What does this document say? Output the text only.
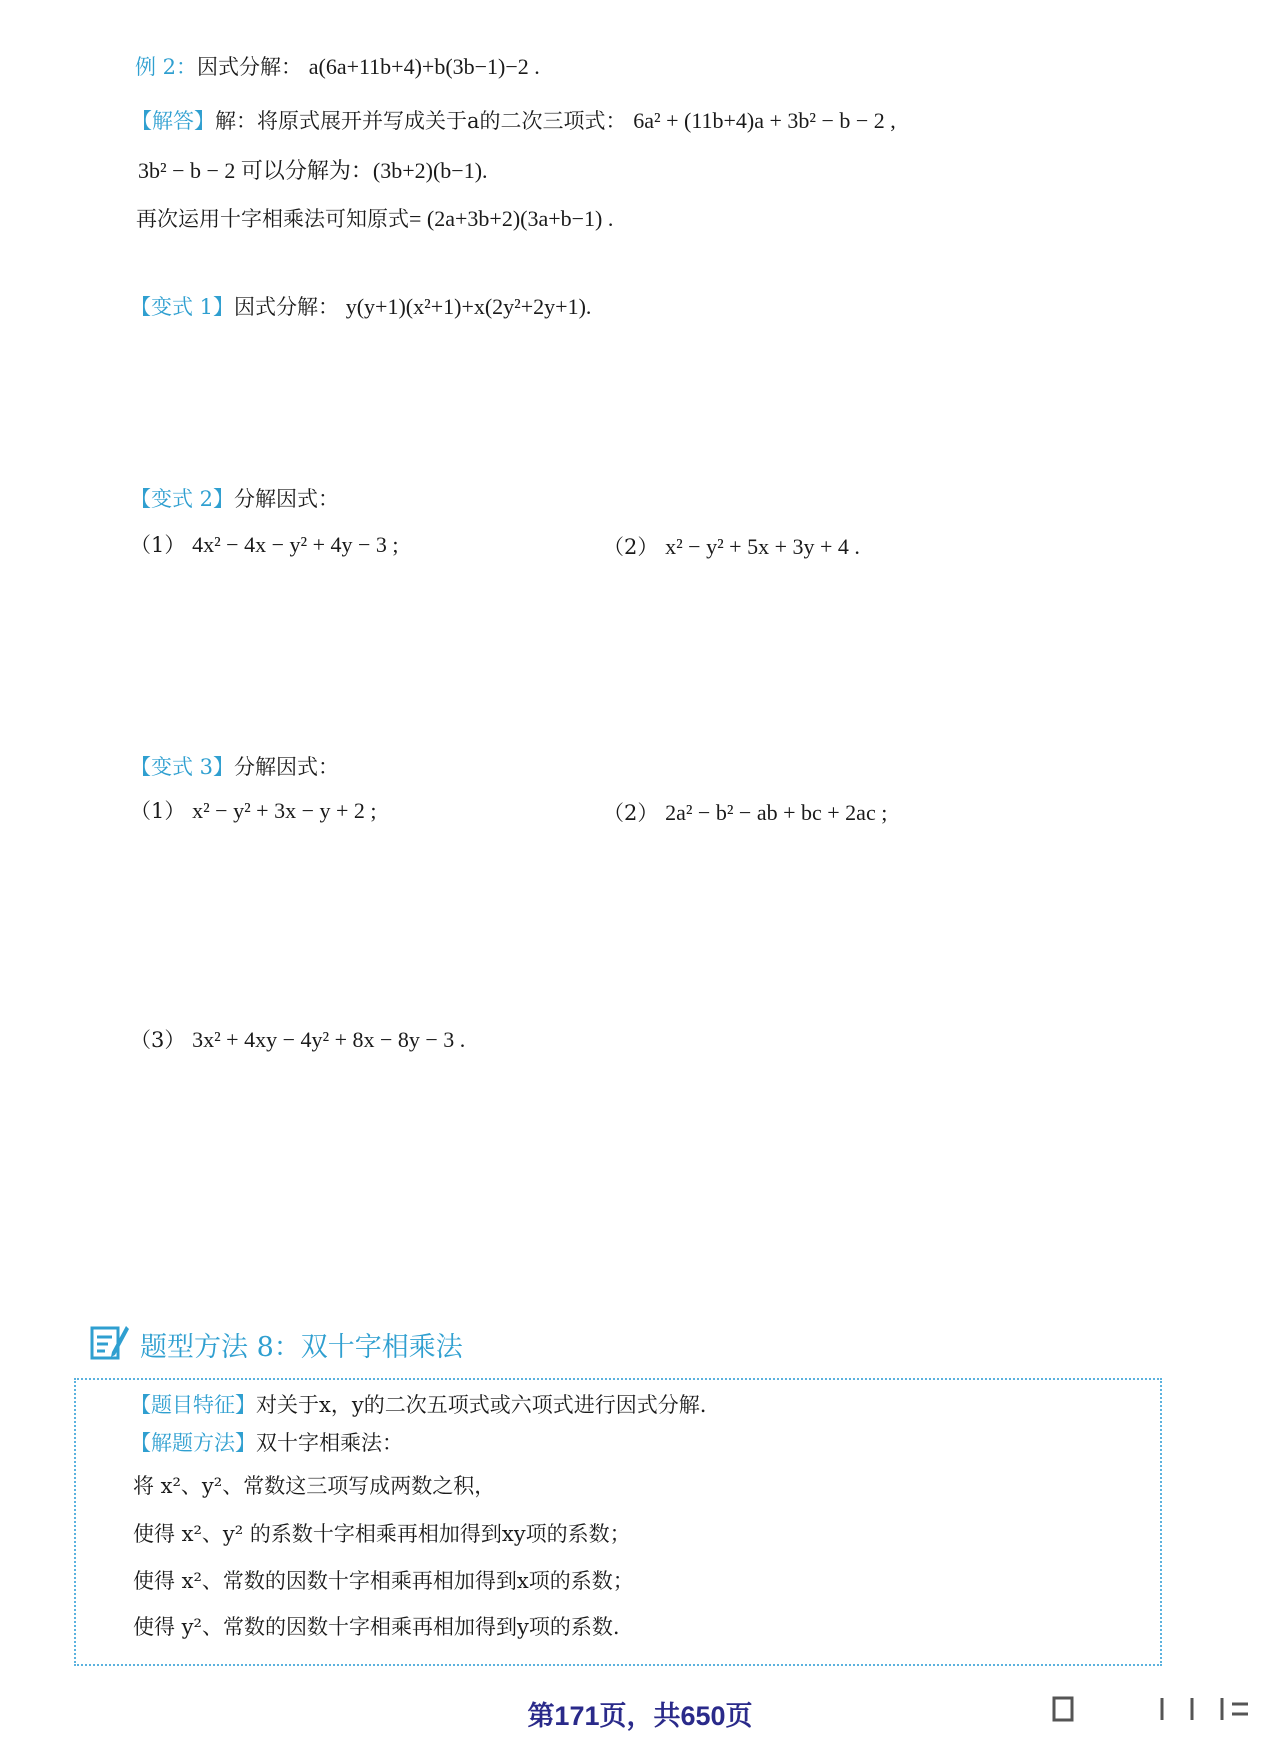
例 2：因式分解： a(6a+11b+4)+b(3b−1)−2 .
【解答】解：将原式展开并写成关于a的二次三项式： 6a² + (11b+4)a + 3b² − b − 2 ,
3b² − b − 2 可以分解为：(3b+2)(b−1).
再次运用十字相乘法可知原式= (2a+3b+2)(3a+b−1) .
【变式 1】因式分解： y(y+1)(x²+1)+x(2y²+2y+1).
【变式 2】分解因式：
（1） 4x² − 4x − y² + 4y − 3 ;	（2） x² − y² + 5x + 3y + 4 .
【变式 3】分解因式：
（1） x² − y² + 3x − y + 2 ;	（2） 2a² − b² − ab + bc + 2ac ;
（3） 3x² + 4xy − 4y² + 8x − 8y − 3 .
题型方法 8：双十字相乘法
【题目特征】对关于x，y的二次五项式或六项式进行因式分解.
【解题方法】双十字相乘法：
将 x²、y²、常数这三项写成两数之积，
使得 x²、y² 的系数十字相乘再相加得到xy项的系数；
使得 x²、常数的因数十字相乘再相加得到x项的系数；
使得 y²、常数的因数十字相乘再相加得到y项的系数.
第171页，共650页
